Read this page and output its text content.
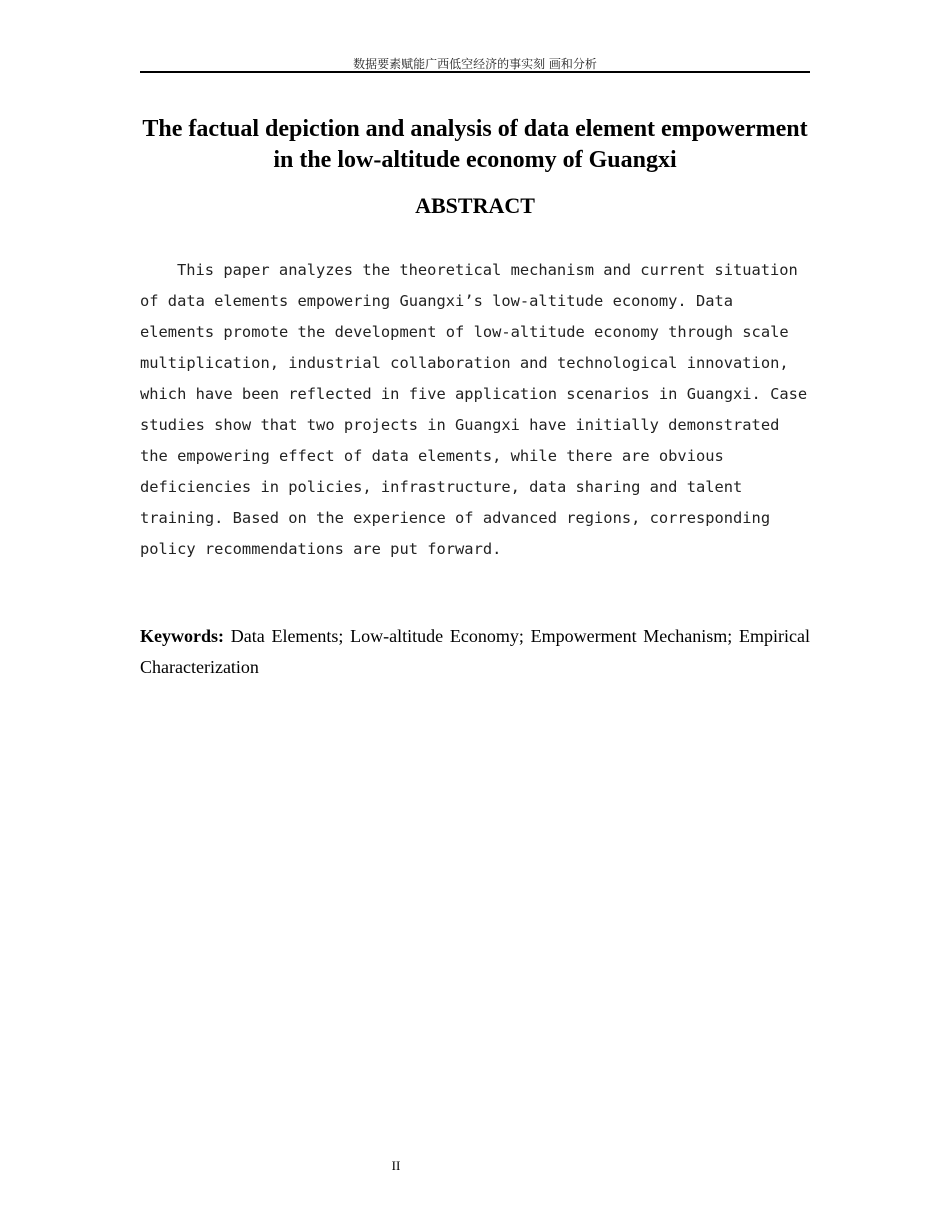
数据要素赋能广西低空经济的事实刻 画和分析
The factual depiction and analysis of data element empowerment in the low-altitude economy of Guangxi
ABSTRACT

This paper analyzes the theoretical mechanism and current situation of data elements empowering Guangxi’s low-altitude economy. Data elements promote the development of low-altitude economy through scale multiplication, industrial collaboration and technological innovation, which have been reflected in five application scenarios in Guangxi. Case studies show that two projects in Guangxi have initially demonstrated the empowering effect of data elements, while there are obvious deficiencies in policies, infrastructure, data sharing and talent training. Based on the experience of advanced regions, corresponding policy recommendations are put forward.

Keywords: Data Elements; Low-altitude Economy; Empowerment Mechanism; Empirical Characterization

II
